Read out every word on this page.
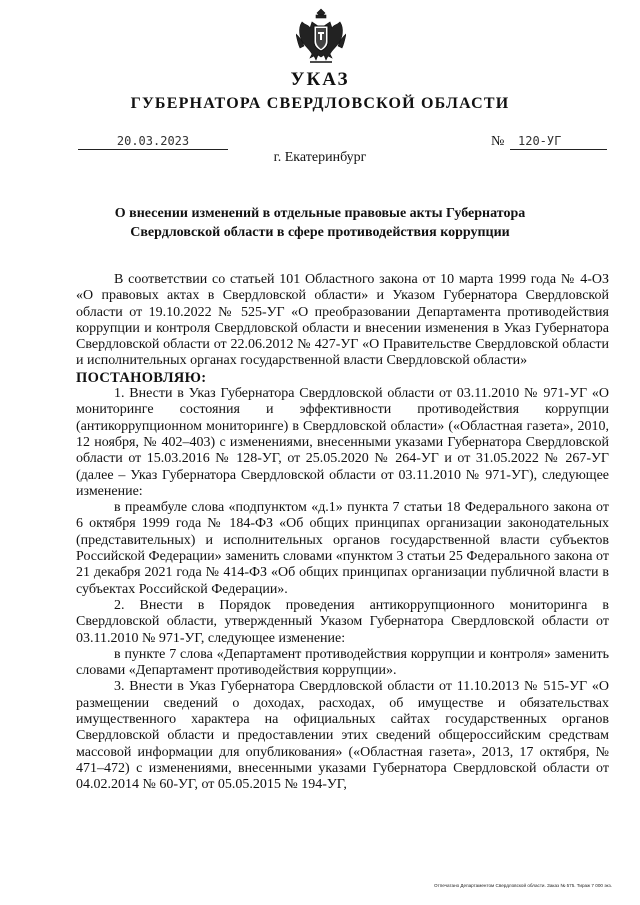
УКАЗ
ГУБЕРНАТОРА СВЕРДЛОВСКОЙ ОБЛАСТИ
20.03.2023	№	120-УГ
г. Екатеринбург
О внесении изменений в отдельные правовые акты Губернатора
Свердловской области в сфере противодействия коррупции

В соответствии со статьей 101 Областного закона от 10 марта 1999 года № 4-ОЗ «О правовых актах в Свердловской области» и Указом Губернатора Свердловской области от 19.10.2022 № 525-УГ «О преобразовании Департамента противодействия коррупции и контроля Свердловской области и внесении изменения в Указ Губернатора Свердловской области от 22.06.2012 № 427-УГ «О Правительстве Свердловской области и исполнительных органах государственной власти Свердловской области»

ПОСТАНОВЛЯЮ:

1. Внести в Указ Губернатора Свердловской области от 03.11.2010 № 971-УГ «О мониторинге состояния и эффективности противодействия коррупции (антикоррупционном мониторинге) в Свердловской области» («Областная газета», 2010, 12 ноября, № 402–403) с изменениями, внесенными указами Губернатора Свердловской области от 15.03.2016 № 128-УГ, от 25.05.2020 № 264-УГ и от 31.05.2022 № 267-УГ (далее – Указ Губернатора Свердловской области от 03.11.2010 № 971-УГ), следующее изменение:

в преамбуле слова «подпунктом «д.1» пункта 7 статьи 18 Федерального закона от 6 октября 1999 года № 184-ФЗ «Об общих принципах организации законодательных (представительных) и исполнительных органов государственной власти субъектов Российской Федерации» заменить словами «пунктом 3 статьи 25 Федерального закона от 21 декабря 2021 года № 414-ФЗ «Об общих принципах организации публичной власти в субъектах Российской Федерации».

2. Внести в Порядок проведения антикоррупционного мониторинга в Свердловской области, утвержденный Указом Губернатора Свердловской области от 03.11.2010 № 971-УГ, следующее изменение:

в пункте 7 слова «Департамент противодействия коррупции и контроля» заменить словами «Департамент противодействия коррупции».

3. Внести в Указ Губернатора Свердловской области от 11.10.2013 № 515-УГ «О размещении сведений о доходах, расходах, об имуществе и обязательствах имущественного характера на официальных сайтах государственных органов Свердловской области и предоставлении этих сведений общероссийским средствам массовой информации для опубликования» («Областная газета», 2013, 17 октября, № 471–472) с изменениями, внесенными указами Губернатора Свердловской области от 04.02.2014 № 60-УГ, от 05.05.2015 № 194-УГ,

Отпечатано Департаментом Свердловской области. Заказ № 575. Тираж 7 000 экз.
